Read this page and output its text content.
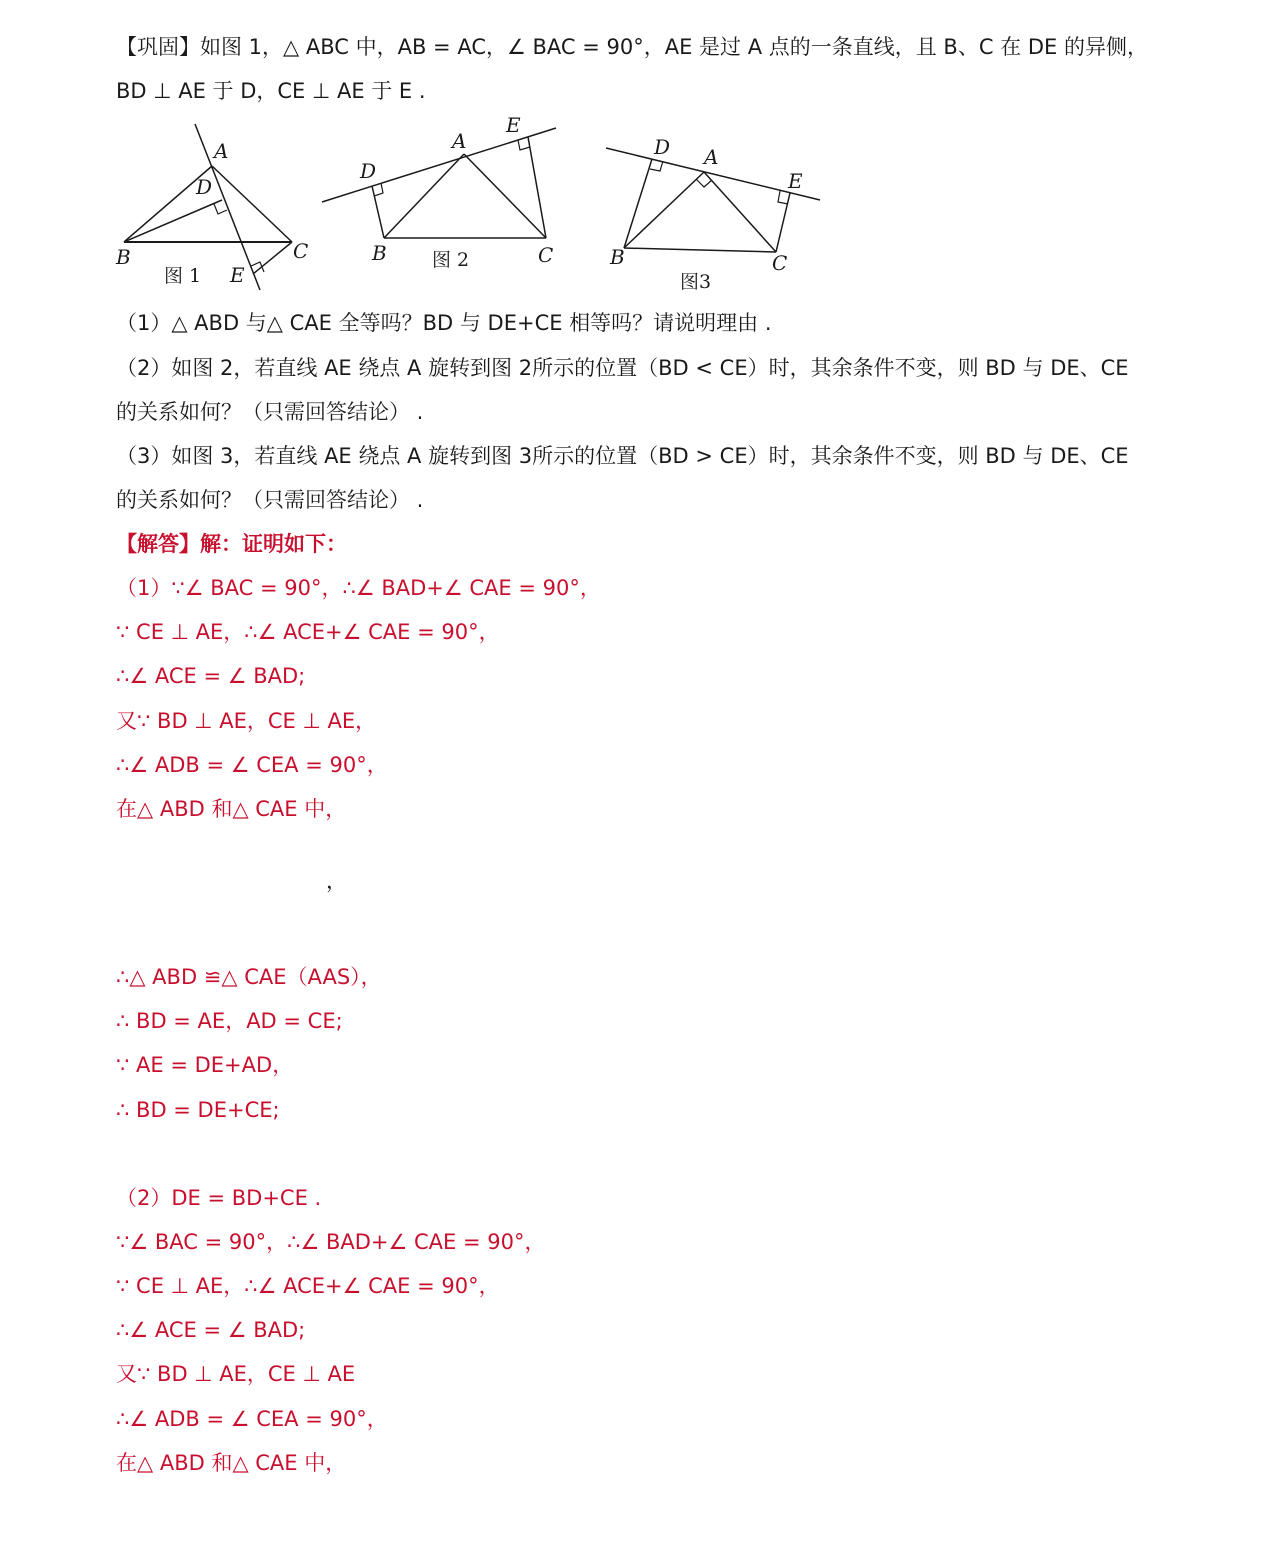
【巩固】如图 1，△ ABC 中，AB = AC，∠ BAC = 90°，AE 是过 A 点的一条直线，且 B、C 在 DE 的异侧，
BD ⊥ AE 于 D，CE ⊥ AE 于 E .
A
D
B	C
E
图 1
A
E
D
B	C
图 2
D A
E
B	C
图3
（1）△ ABD 与△ CAE 全等吗？BD 与 DE+CE 相等吗？请说明理由 .
（2）如图 2，若直线 AE 绕点 A 旋转到图 2所示的位置（BD < CE）时，其余条件不变，则 BD 与 DE、CE
的关系如何？（只需回答结论） .
（3）如图 3，若直线 AE 绕点 A 旋转到图 3所示的位置（BD > CE）时，其余条件不变，则 BD 与 DE、CE
的关系如何？（只需回答结论） .
【解答】解：证明如下：
（1）∵∠ BAC = 90°，∴∠ BAD+∠ CAE = 90°，
∵ CE ⊥ AE，∴∠ ACE+∠ CAE = 90°，
∴∠ ACE = ∠ BAD;
又∵ BD ⊥ AE，CE ⊥ AE，
∴∠ ADB = ∠ CEA = 90°，
在△ ABD 和△ CAE 中，
，
∴△ ABD ≌△ CAE（AAS），
∴ BD = AE，AD = CE;
∵ AE = DE+AD，
∴ BD = DE+CE;
（2）DE = BD+CE .
∵∠ BAC = 90°，∴∠ BAD+∠ CAE = 90°，
∵ CE ⊥ AE，∴∠ ACE+∠ CAE = 90°，
∴∠ ACE = ∠ BAD;
又∵ BD ⊥ AE，CE ⊥ AE
∴∠ ADB = ∠ CEA = 90°，
在△ ABD 和△ CAE 中，
